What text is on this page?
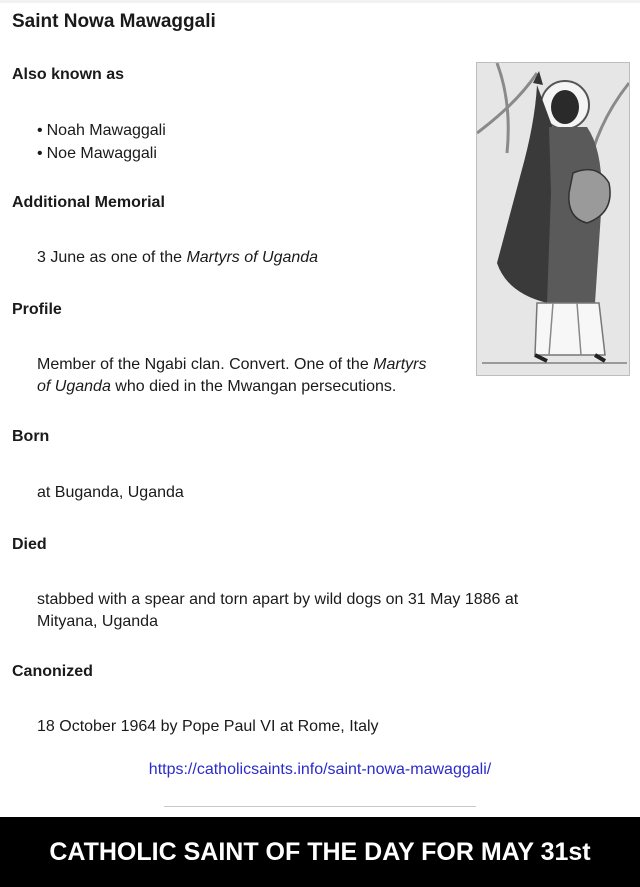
Saint Nowa Mawaggali
Also known as
• Noah Mawaggali
• Noe Mawaggali
Additional Memorial
3 June as one of the Martyrs of Uganda
Profile
Member of the Ngabi clan. Convert. One of the Martyrs
of Uganda who died in the Mwangan persecutions.
Born
at Buganda, Uganda
Died
stabbed with a spear and torn apart by wild dogs on 31 May 1886 at
Mityana, Uganda
Canonized
18 October 1964 by Pope Paul VI at Rome, Italy
https://catholicsaints.info/saint-nowa-mawaggali/
CATHOLIC SAINT OF THE DAY FOR MAY 31st
